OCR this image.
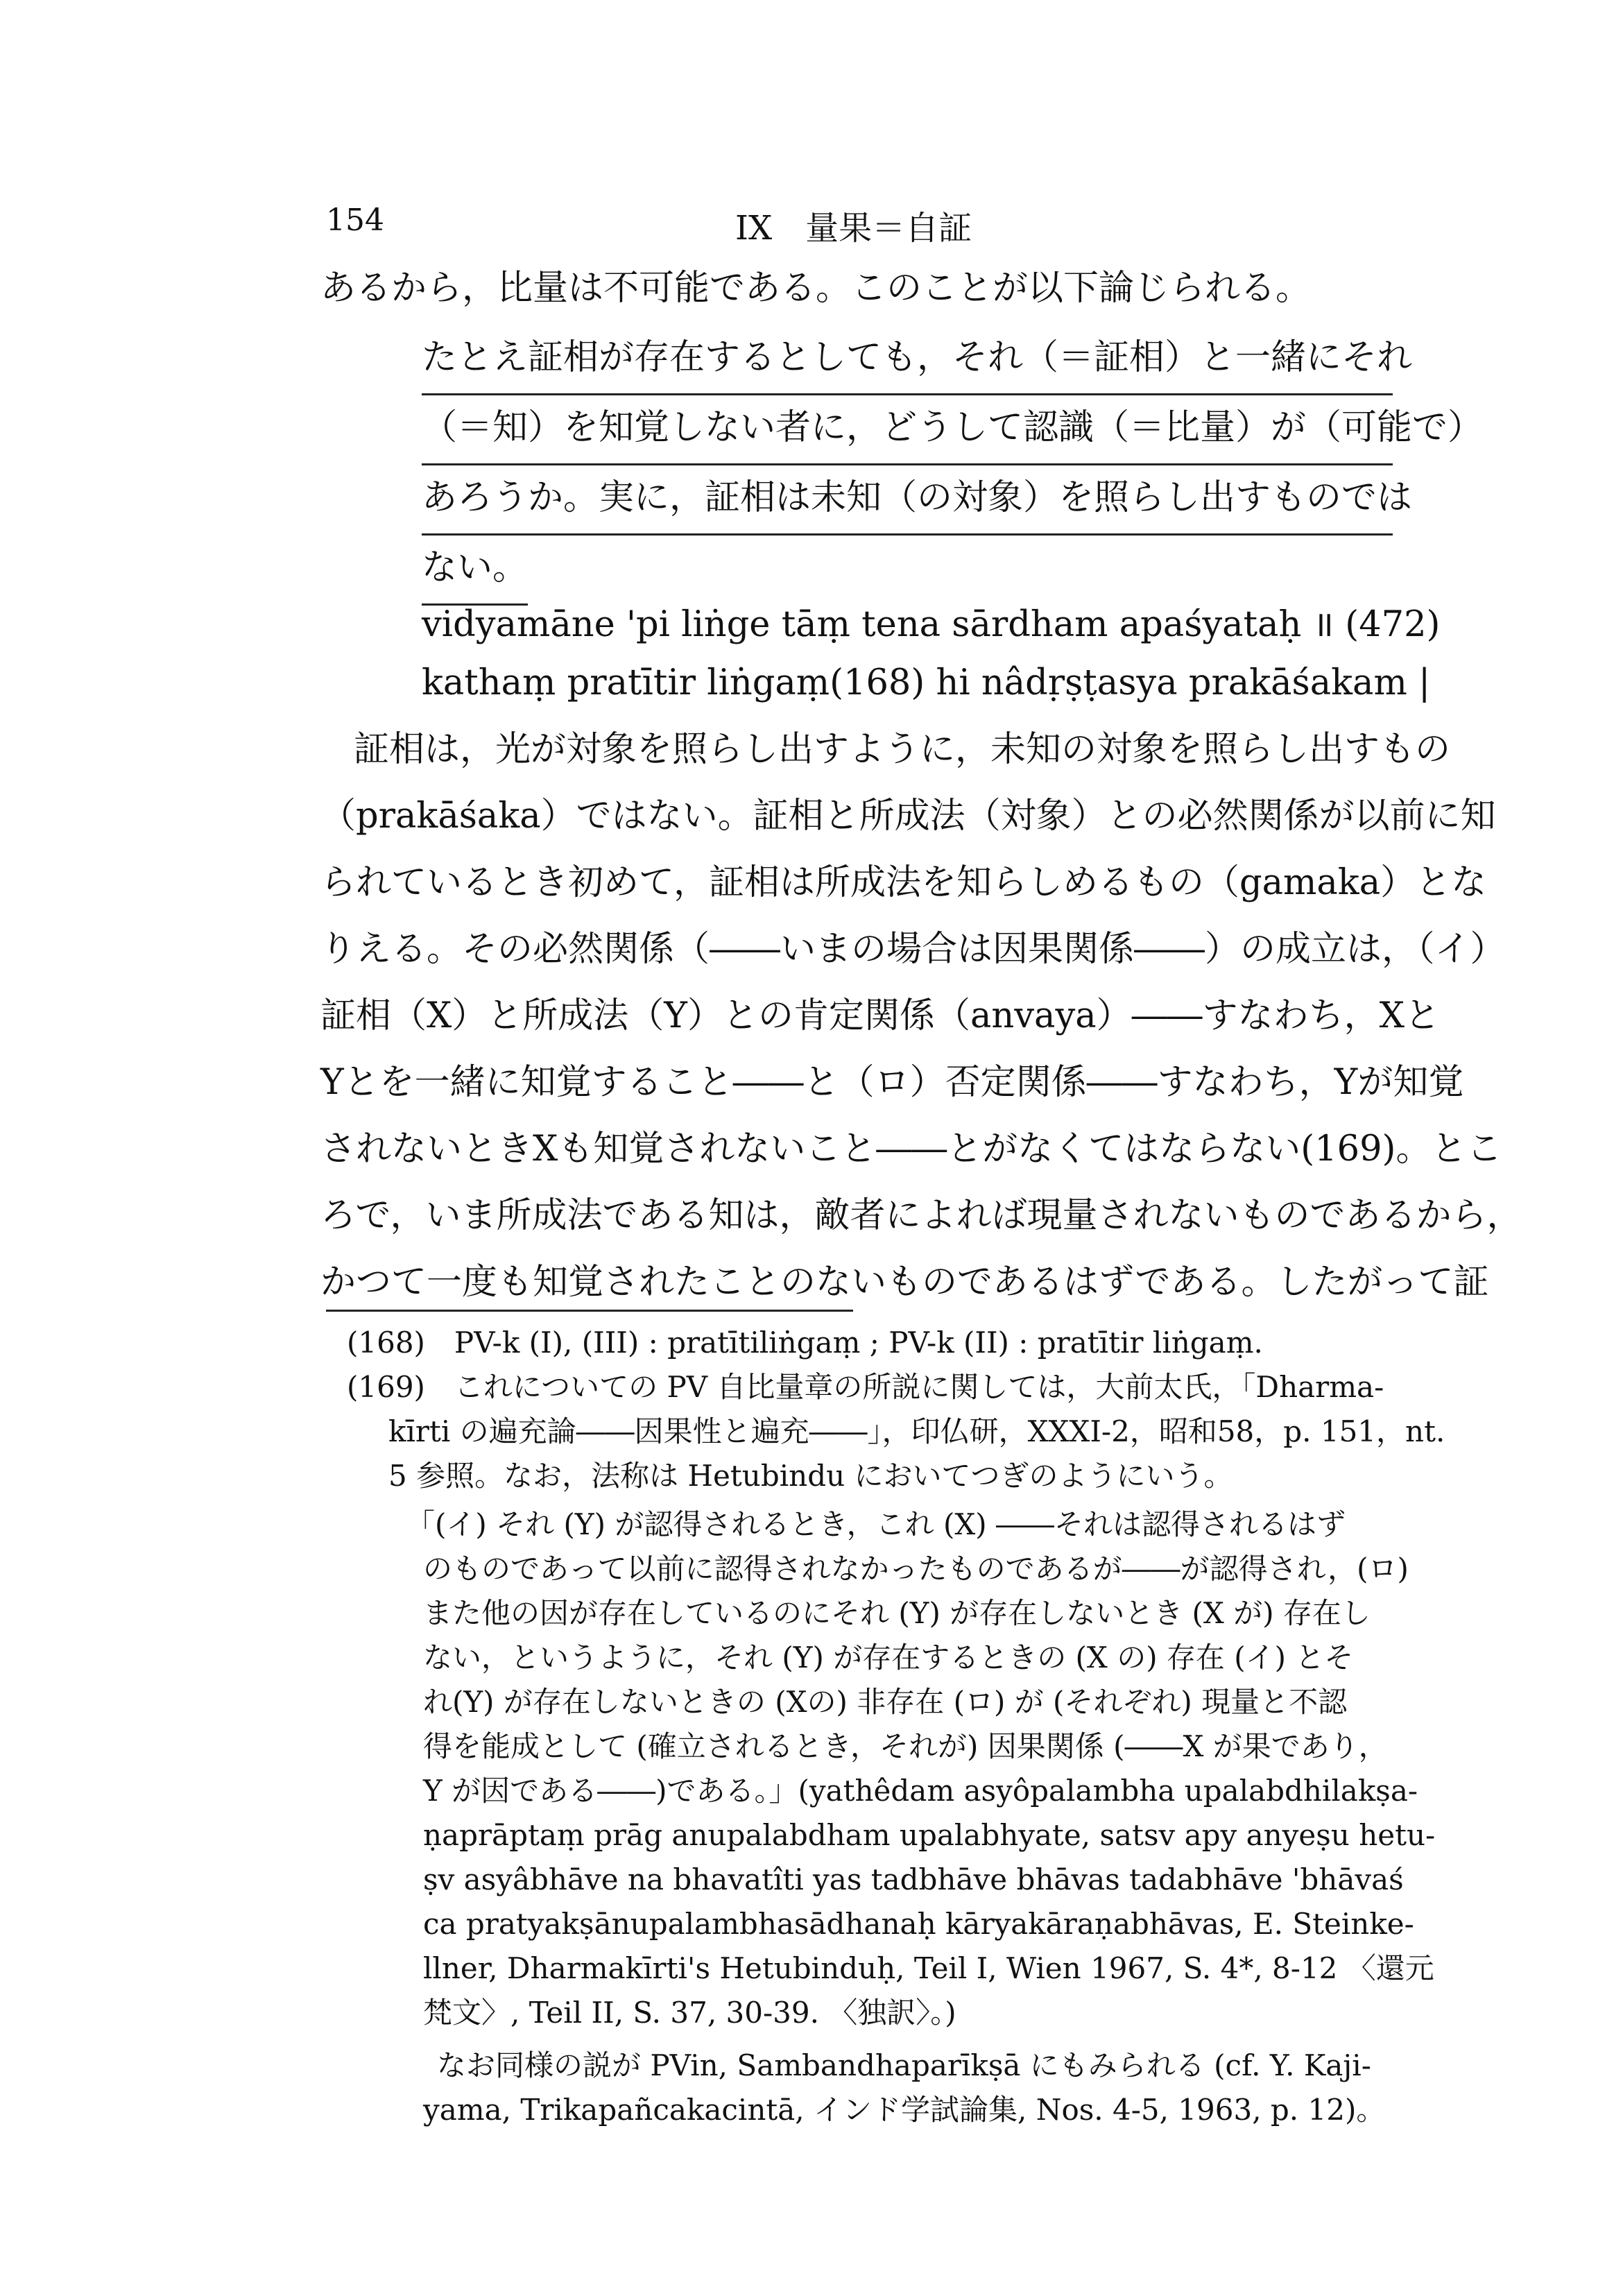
154	IX　量果＝自証
あるから，比量は不可能である。このことが以下論じられる。
たとえ証相が存在するとしても，それ（＝証相）と一緒にそれ
（＝知）を知覚しない者に，どうして認識（＝比量）が（可能で）
あろうか。実に，証相は未知（の対象）を照らし出すものでは
ない。
vidyamāne 'pi liṅge tāṃ tena sārdham apaśyataḥ ॥ (472)
kathaṃ pratītir liṅgaṃ(168) hi nâdṛṣṭasya prakāśakam |
証相は，光が対象を照らし出すように，未知の対象を照らし出すもの
（prakāśaka）ではない。証相と所成法（対象）との必然関係が以前に知
られているとき初めて，証相は所成法を知らしめるもの（gamaka）とな
りえる。その必然関係（――いまの場合は因果関係――）の成立は，（イ）
証相（X）と所成法（Y）との肯定関係（anvaya）――すなわち，Xと
Yとを一緒に知覚すること――と（ロ）否定関係――すなわち，Yが知覚
されないときXも知覚されないこと――とがなくてはならない(169)。とこ
ろで，いま所成法である知は，敵者によれば現量されないものであるから，
かつて一度も知覚されたことのないものであるはずである。したがって証
(168)　PV-k (I), (III) : pratītiliṅgaṃ ; PV-k (II) : pratītir liṅgaṃ.
(169)　これについての PV 自比量章の所説に関しては，大前太氏，「Dharma-
kīrti の遍充論――因果性と遍充――」，印仏研，XXXI-2，昭和58，p. 151，nt.
5 参照。なお，法称は Hetubindu においてつぎのようにいう。
「(イ) それ (Y) が認得されるとき，これ (X) ――それは認得されるはず
のものであって以前に認得されなかったものであるが――が認得され，(ロ)
また他の因が存在しているのにそれ (Y) が存在しないとき (X が) 存在し
ない，というように，それ (Y) が存在するときの (X の) 存在 (イ) とそ
れ(Y) が存在しないときの (Xの) 非存在 (ロ) が (それぞれ) 現量と不認
得を能成として (確立されるとき，それが) 因果関係 (――X が果であり，
Y が因である――)である。」(yathêdam asyôpalambha upalabdhilakṣa-
ṇaprāptaṃ prāg anupalabdham upalabhyate, satsv apy anyeṣu hetu-
ṣv asyâbhāve na bhavatîti yas tadbhāve bhāvas tadabhāve 'bhāvaś
ca pratyakṣānupalambhasādhanaḥ kāryakāraṇabhāvas, E. Steinke-
llner, Dharmakīrti's Hetubinduḥ, Teil I, Wien 1967, S. 4*, 8-12 〈還元
梵文〉, Teil II, S. 37, 30-39. 〈独訳〉。)
なお同様の説が PVin, Sambandhaparīkṣā にもみられる (cf. Y. Kaji-
yama, Trikapañcakacintā, インド学試論集, Nos. 4-5, 1963, p. 12)。
